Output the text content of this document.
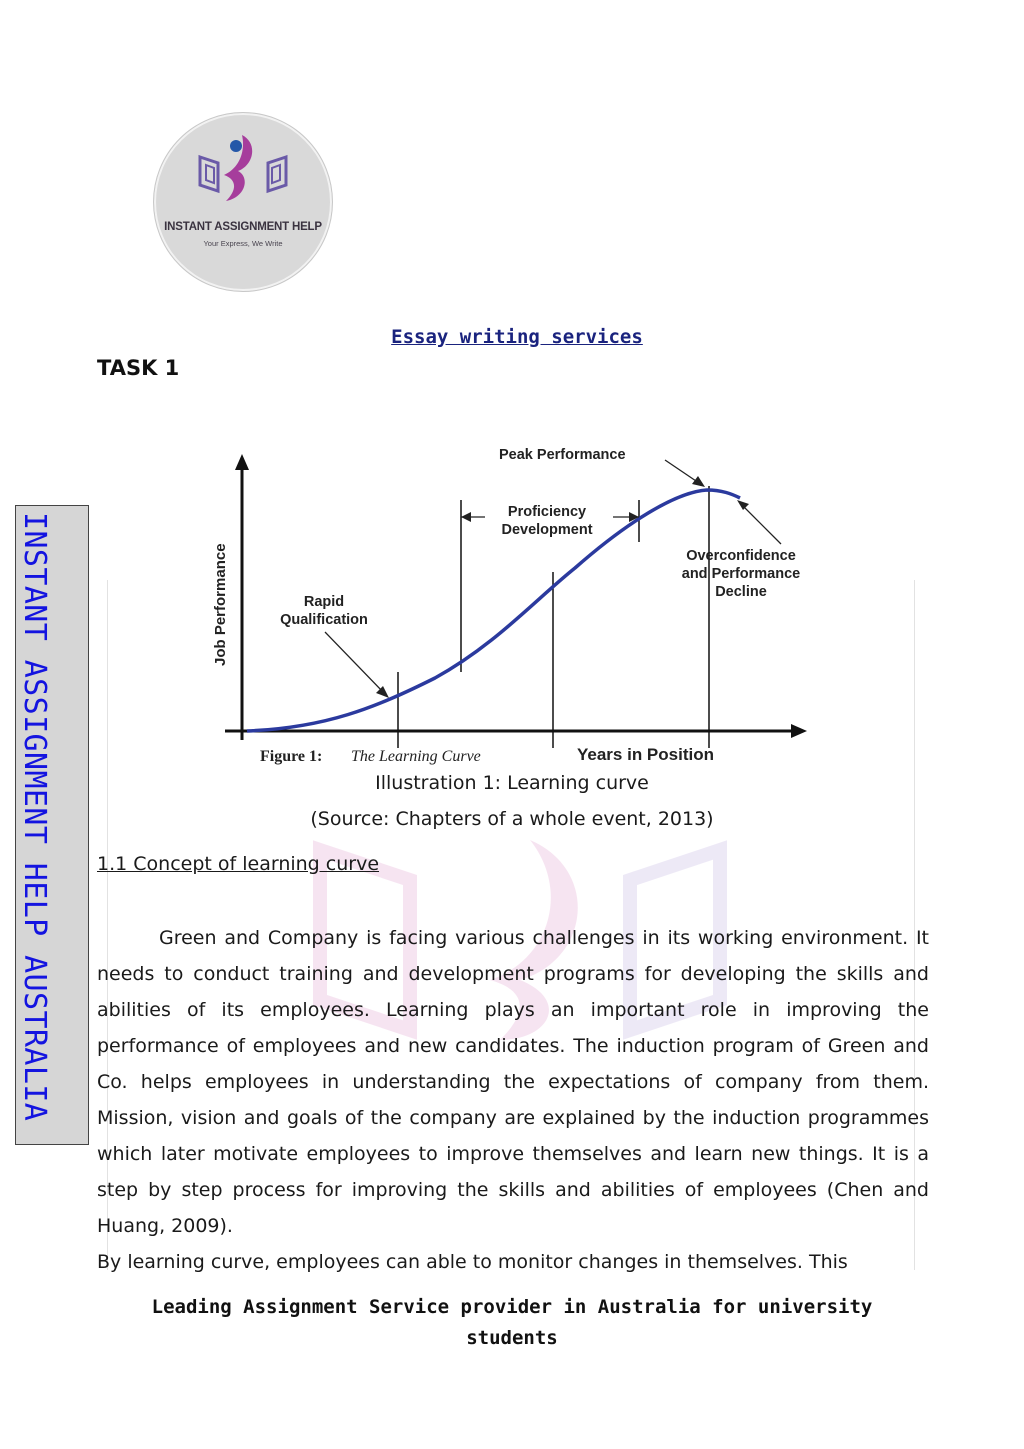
INSTANT ASSIGNMENT HELP
Your Express, We Write
Essay writing services
TASK 1
INSTANT ASSIGNMENT HELP AUSTRALIA	Job Performance
Peak Performance
Proficiency
Development
Overconfidence
and Performance
Decline
Rapid
Qualification
Figure 1: The Learning Curve	Years in Position
Illustration 1: Learning curve
(Source: Chapters of a whole event, 2013)
1.1 Concept of learning curve
Green and Company is facing various challenges in its working environment. It needs to conduct training and development programs for developing the skills and abilities of its employees. Learning plays an important role in improving the performance of employees and new candidates. The induction program of Green and Co. helps employees in understanding the expectations of company from them. Mission, vision and goals of the company are explained by the induction programmes which later motivate employees to improve themselves and learn new things. It is a step by step process for improving the skills and abilities of employees (Chen and Huang, 2009).
By learning curve, employees can able to monitor changes in themselves. This
Leading Assignment Service provider in Australia for university students
